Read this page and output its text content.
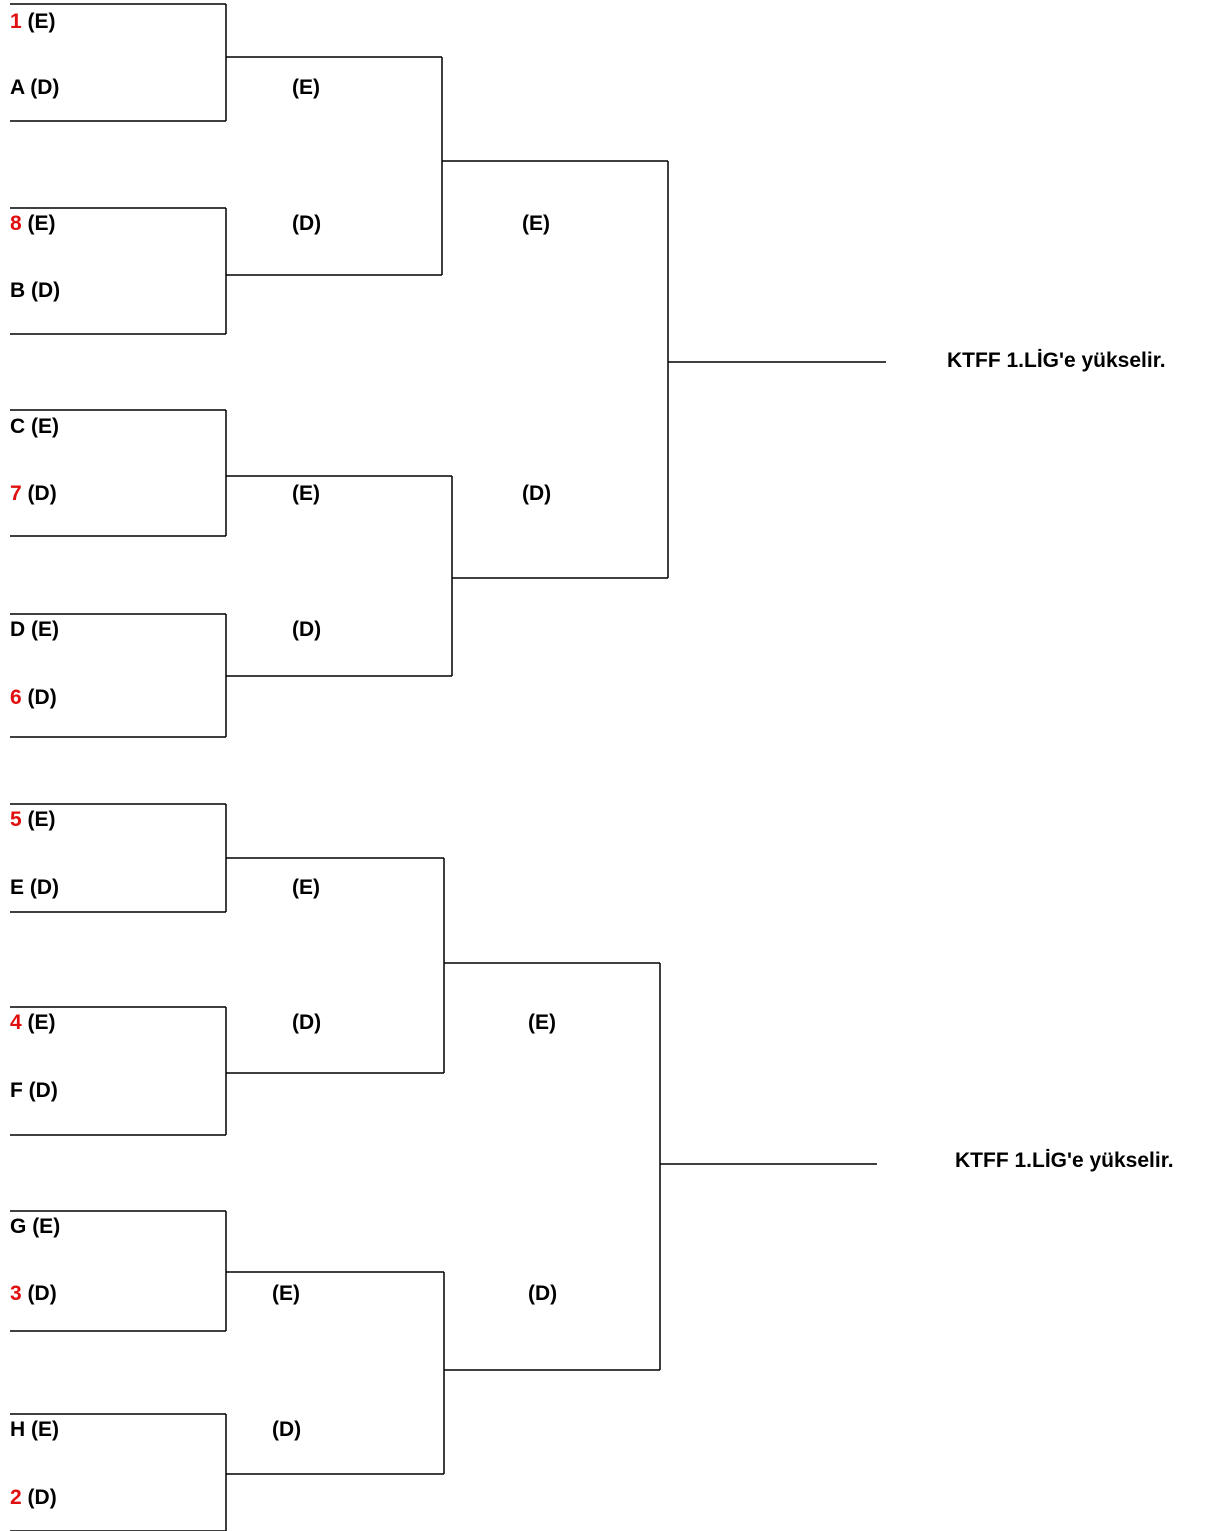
1 (E)
A (D)
8 (E)
B (D)
C (E)
7 (D)
D (E)
6 (D)
(E)
(D)
(E)
(D)
(E)
(D)
KTFF 1.LİG'e yükselir.
5 (E)
E (D)
4 (E)
F (D)
G (E)
3 (D)
H (E)
2 (D)
(E)
(D)
(E)
(D)
(E)
(D)
KTFF 1.LİG'e yükselir.
